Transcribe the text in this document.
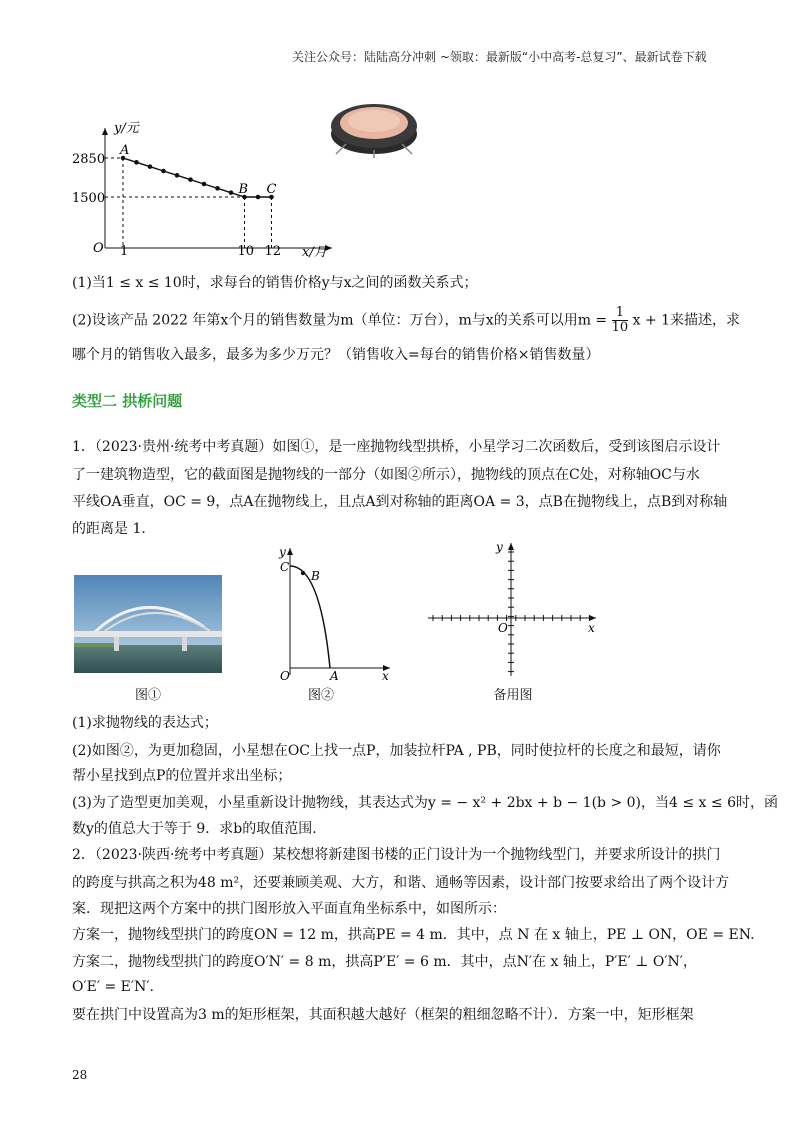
关注公众号：陆陆高分冲刺 ~领取：最新版“小中高考-总复习”、最新试卷下载
2850
1500
1	10 12
y/元
x/月
O
A
B C
(1)当1 ≤ x ≤ 10时，求每台的销售价格y与x之间的函数关系式；
(2)设该产品 2022 年第x个月的销售数量为m（单位：万台），m与x的关系可以用$m = \frac{1}{10}$ x + 1来描述，求
哪个月的销售收入最多，最多为多少万元？（销售收入=每台的销售价格×销售数量）
类型二 拱桥问题
1．（2023·贵州·统考中考真题）如图①，是一座抛物线型拱桥，小星学习二次函数后，受到该图启示设计
了一建筑物造型，它的截面图是抛物线的一部分（如图②所示），抛物线的顶点在C处，对称轴OC与水
平线OA垂直，OC = 9，点A在抛物线上，且点A到对称轴的距离OA = 3，点B在抛物线上，点B到对称轴
的距离是 1.
图①
y
x
O
C
B
A
图②
y
x
O
备用图
(1)求抛物线的表达式；
(2)如图②，为更加稳固，小星想在OC上找一点P，加装拉杆PA , PB，同时使拉杆的长度之和最短，请你
帮小星找到点P的位置并求出坐标；
(3)为了造型更加美观，小星重新设计抛物线，其表达式为y = − x² + 2bx + b − 1(b > 0)，当4 ≤ x ≤ 6时，函
数y的值总大于等于 9．求b的取值范围.
2．（2023·陕西·统考中考真题）某校想将新建图书楼的正门设计为一个抛物线型门，并要求所设计的拱门
的跨度与拱高之积为48 m²，还要兼顾美观、大方，和谐、通畅等因素，设计部门按要求给出了两个设计方
案．现把这两个方案中的拱门图形放入平面直角坐标系中，如图所示：
方案一，抛物线型拱门的跨度ON = 12 m，拱高PE = 4 m．其中，点 N 在 x 轴上，PE ⊥ ON，OE = EN.
方案二，抛物线型拱门的跨度O′N′ = 8 m，拱高P′E′ = 6 m．其中，点N′在 x 轴上，P′E′ ⊥ O′N′，
O′E′ = E′N′.
要在拱门中设置高为3 m的矩形框架，其面积越大越好（框架的粗细忽略不计）．方案一中，矩形框架
28
